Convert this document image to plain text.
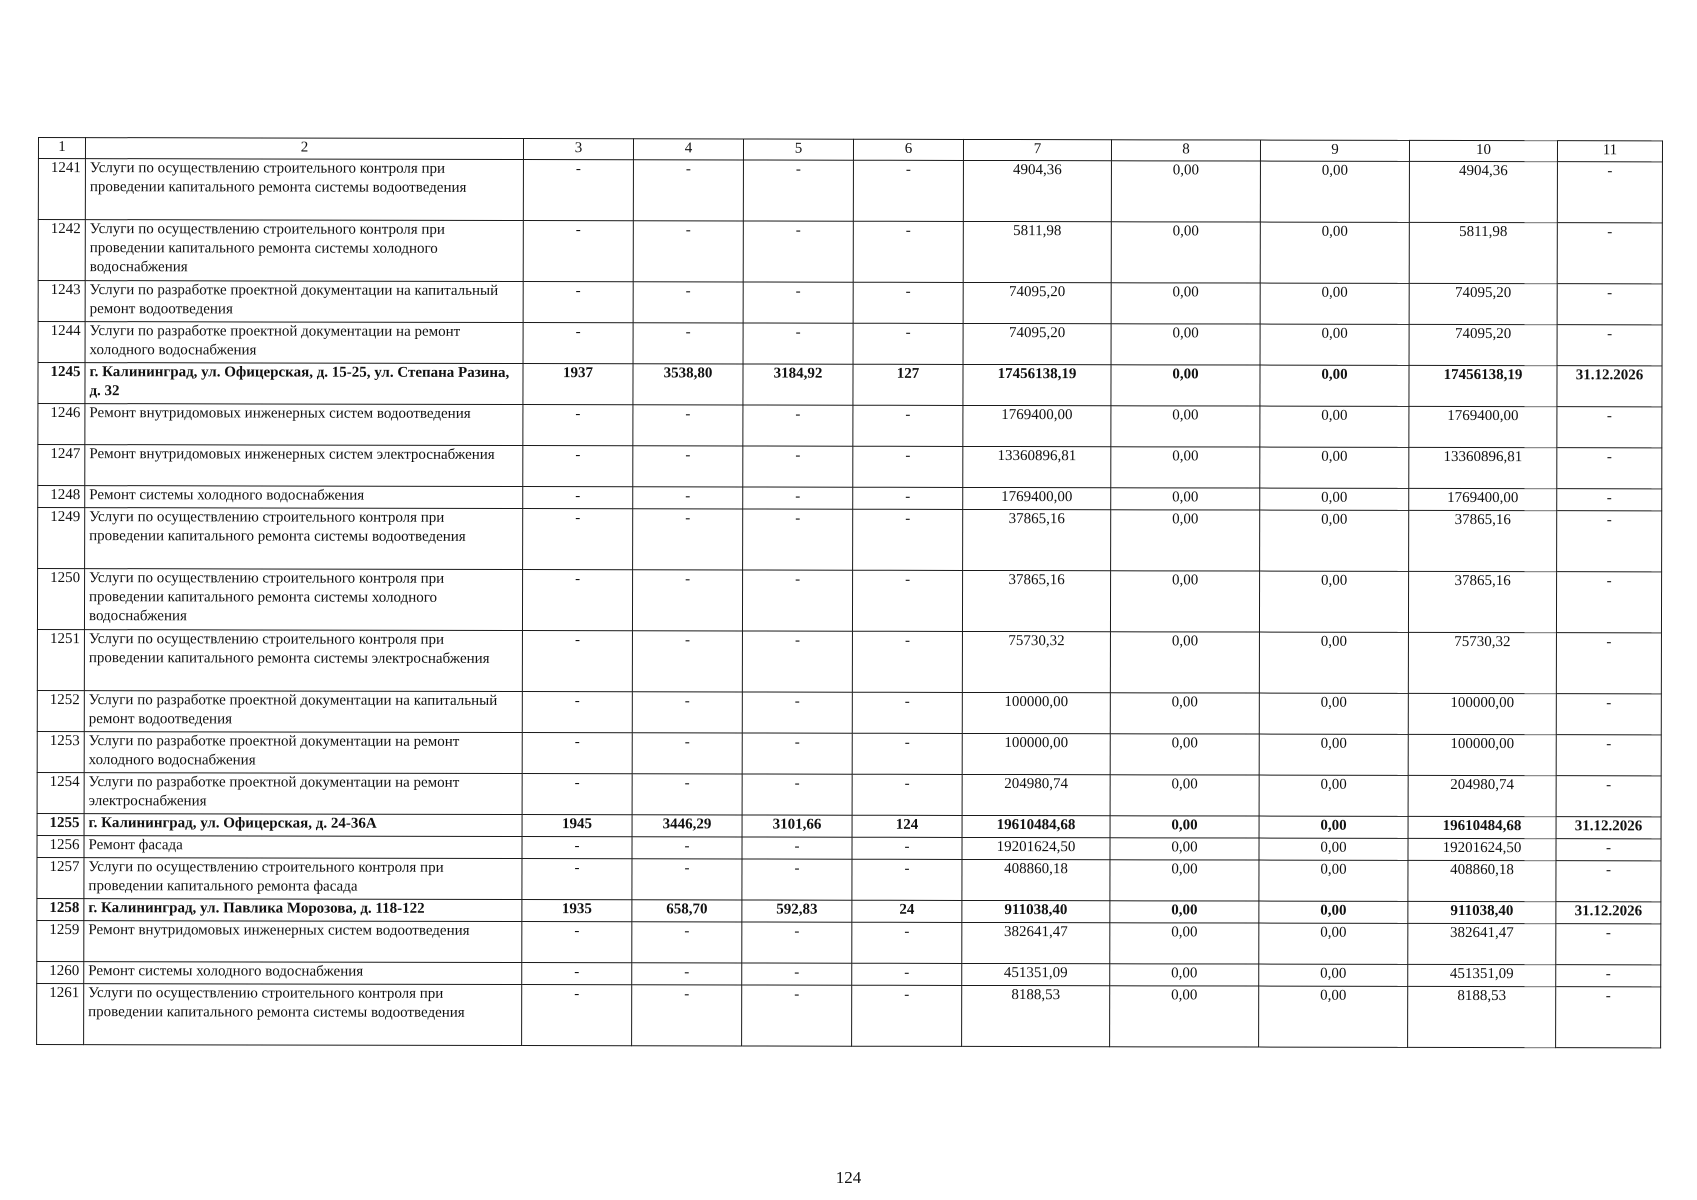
1	2	3	4	5	6	7	8	9	10	11
1241	Услуги по осуществлению строительного контроля при проведении капитального ремонта системы водоотведения	-	-	-	-	4904,36	0,00	0,00	4904,36	-
1242	Услуги по осуществлению строительного контроля при проведении капитального ремонта системы холодного водоснабжения	-	-	-	-	5811,98	0,00	0,00	5811,98	-
1243	Услуги по разработке проектной документации на капитальный ремонт водоотведения	-	-	-	-	74095,20	0,00	0,00	74095,20	-
1244	Услуги по разработке проектной документации на ремонт холодного водоснабжения	-	-	-	-	74095,20	0,00	0,00	74095,20	-
1245	г. Калининград, ул. Офицерская, д. 15-25, ул. Степана Разина, д. 32	1937	3538,80	3184,92	127	17456138,19	0,00	0,00	17456138,19	31.12.2026
1246	Ремонт внутридомовых инженерных систем водоотведения	-	-	-	-	1769400,00	0,00	0,00	1769400,00	-
1247	Ремонт внутридомовых инженерных систем электроснабжения	-	-	-	-	13360896,81	0,00	0,00	13360896,81	-
1248	Ремонт системы холодного водоснабжения	-	-	-	-	1769400,00	0,00	0,00	1769400,00	-
1249	Услуги по осуществлению строительного контроля при проведении капитального ремонта системы водоотведения	-	-	-	-	37865,16	0,00	0,00	37865,16	-
1250	Услуги по осуществлению строительного контроля при проведении капитального ремонта системы холодного водоснабжения	-	-	-	-	37865,16	0,00	0,00	37865,16	-
1251	Услуги по осуществлению строительного контроля при проведении капитального ремонта системы электроснабжения	-	-	-	-	75730,32	0,00	0,00	75730,32	-
1252	Услуги по разработке проектной документации на капитальный ремонт водоотведения	-	-	-	-	100000,00	0,00	0,00	100000,00	-
1253	Услуги по разработке проектной документации на ремонт холодного водоснабжения	-	-	-	-	100000,00	0,00	0,00	100000,00	-
1254	Услуги по разработке проектной документации на ремонт электроснабжения	-	-	-	-	204980,74	0,00	0,00	204980,74	-
1255	г. Калининград, ул. Офицерская, д. 24-36А	1945	3446,29	3101,66	124	19610484,68	0,00	0,00	19610484,68	31.12.2026
1256	Ремонт фасада	-	-	-	-	19201624,50	0,00	0,00	19201624,50	-
1257	Услуги по осуществлению строительного контроля при проведении капитального ремонта фасада	-	-	-	-	408860,18	0,00	0,00	408860,18	-
1258	г. Калининград, ул. Павлика Морозова, д. 118-122	1935	658,70	592,83	24	911038,40	0,00	0,00	911038,40	31.12.2026
1259	Ремонт внутридомовых инженерных систем водоотведения	-	-	-	-	382641,47	0,00	0,00	382641,47	-
1260	Ремонт системы холодного водоснабжения	-	-	-	-	451351,09	0,00	0,00	451351,09	-
1261	Услуги по осуществлению строительного контроля при проведении капитального ремонта системы водоотведения	-	-	-	-	8188,53	0,00	0,00	8188,53	-
124
